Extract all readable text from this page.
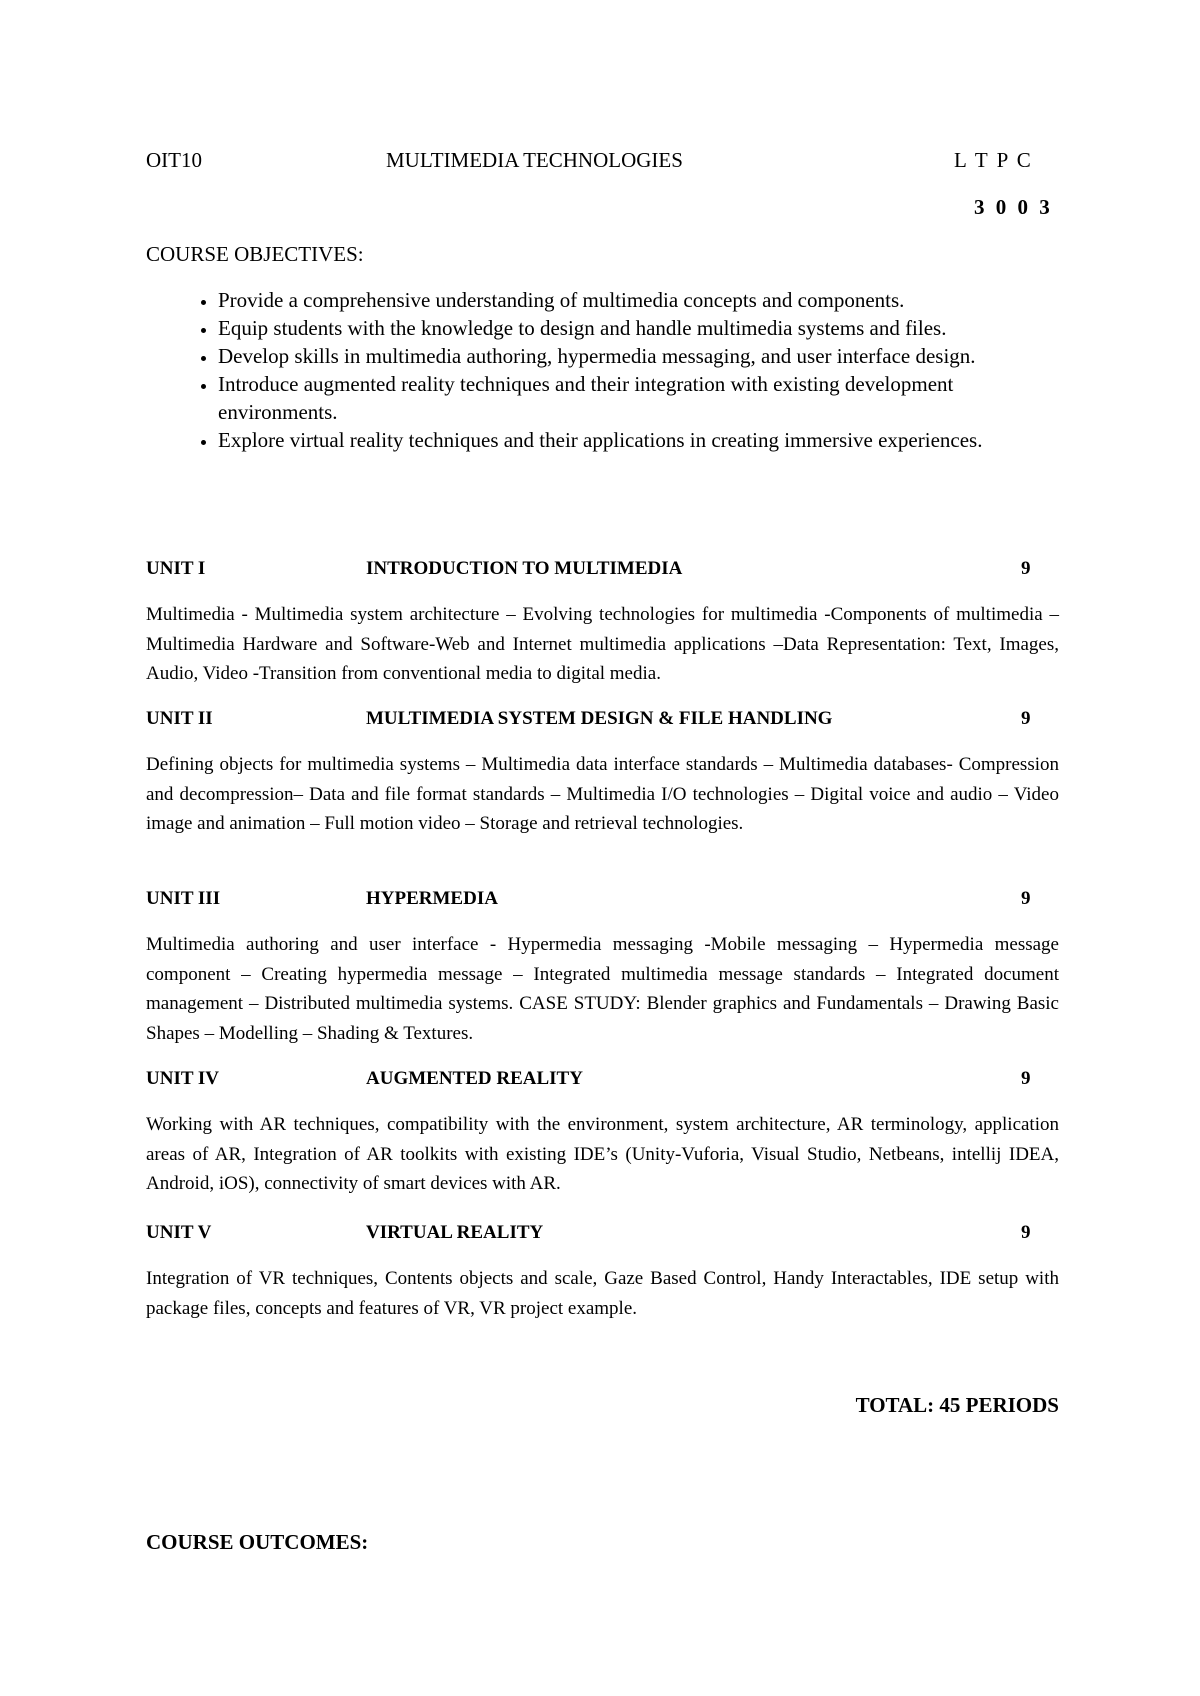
OIT10	MULTIMEDIA TECHNOLOGIES	L T P C
3 0 0 3
COURSE OBJECTIVES:
• Provide a comprehensive understanding of multimedia concepts and components.
• Equip students with the knowledge to design and handle multimedia systems and files.
• Develop skills in multimedia authoring, hypermedia messaging, and user interface design.
• Introduce augmented reality techniques and their integration with existing development environments.
• Explore virtual reality techniques and their applications in creating immersive experiences.
UNIT I	INTRODUCTION TO MULTIMEDIA	9
Multimedia - Multimedia system architecture – Evolving technologies for multimedia -Components of multimedia – Multimedia Hardware and Software-Web and Internet multimedia applications –Data Representation: Text, Images, Audio, Video -Transition from conventional media to digital media.
UNIT II	MULTIMEDIA SYSTEM DESIGN & FILE HANDLING	9
Defining objects for multimedia systems – Multimedia data interface standards – Multimedia databases- Compression and decompression– Data and file format standards – Multimedia I/O technologies – Digital voice and audio – Video image and animation – Full motion video – Storage and retrieval technologies.
UNIT III	HYPERMEDIA	9
Multimedia authoring and user interface - Hypermedia messaging -Mobile messaging – Hypermedia message component – Creating hypermedia message – Integrated multimedia message standards – Integrated document management – Distributed multimedia systems. CASE STUDY: Blender graphics and Fundamentals – Drawing Basic Shapes – Modelling – Shading & Textures.
UNIT IV	AUGMENTED REALITY	9
Working with AR techniques, compatibility with the environment, system architecture, AR terminology, application areas of AR, Integration of AR toolkits with existing IDE’s (Unity-Vuforia, Visual Studio, Netbeans, intellij IDEA, Android, iOS), connectivity of smart devices with AR.
UNIT V	VIRTUAL REALITY	9
Integration of VR techniques, Contents objects and scale, Gaze Based Control, Handy Interactables, IDE setup with package files, concepts and features of VR, VR project example.
TOTAL: 45 PERIODS
COURSE OUTCOMES:
